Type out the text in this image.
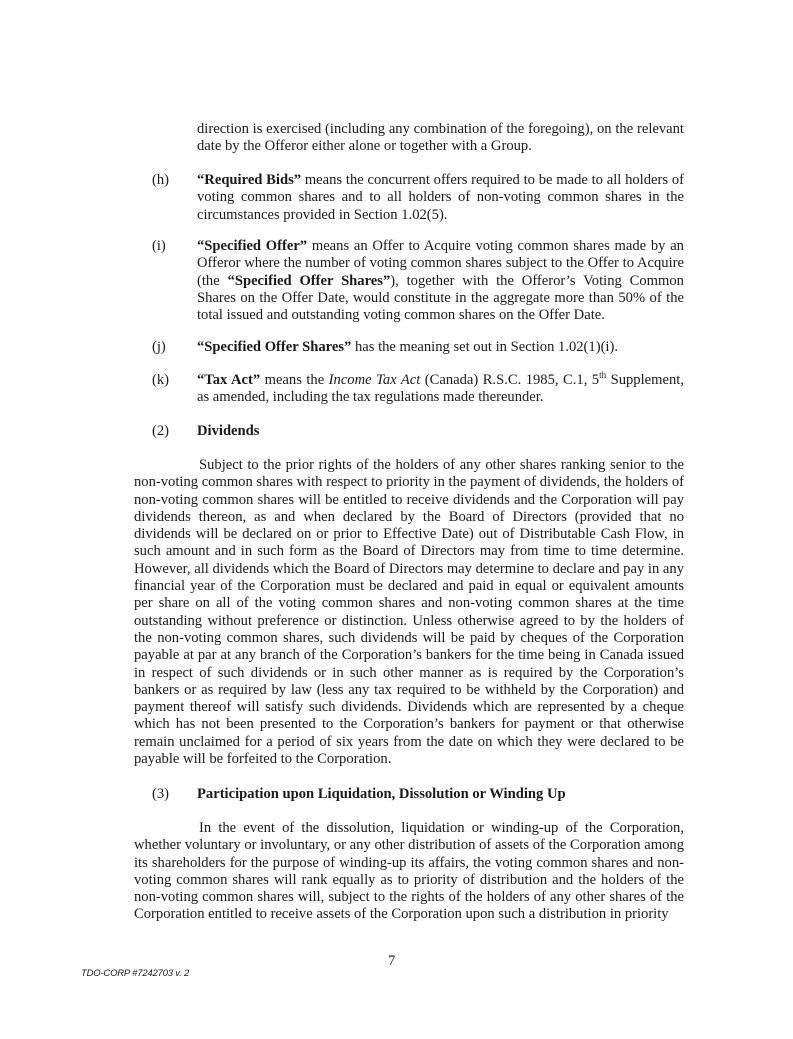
direction is exercised (including any combination of the foregoing), on the relevant date by the Offeror either alone or together with a Group.
(h) “Required Bids” means the concurrent offers required to be made to all holders of voting common shares and to all holders of non-voting common shares in the circumstances provided in Section 1.02(5).
(i) “Specified Offer” means an Offer to Acquire voting common shares made by an Offeror where the number of voting common shares subject to the Offer to Acquire (the “Specified Offer Shares”), together with the Offeror’s Voting Common Shares on the Offer Date, would constitute in the aggregate more than 50% of the total issued and outstanding voting common shares on the Offer Date.
(j) “Specified Offer Shares” has the meaning set out in Section 1.02(1)(i).
(k) “Tax Act” means the Income Tax Act (Canada) R.S.C. 1985, C.1, 5th Supplement, as amended, including the tax regulations made thereunder.
(2) Dividends
Subject to the prior rights of the holders of any other shares ranking senior to the non-voting common shares with respect to priority in the payment of dividends, the holders of non-voting common shares will be entitled to receive dividends and the Corporation will pay dividends thereon, as and when declared by the Board of Directors (provided that no dividends will be declared on or prior to Effective Date) out of Distributable Cash Flow, in such amount and in such form as the Board of Directors may from time to time determine. However, all dividends which the Board of Directors may determine to declare and pay in any financial year of the Corporation must be declared and paid in equal or equivalent amounts per share on all of the voting common shares and non-voting common shares at the time outstanding without preference or distinction. Unless otherwise agreed to by the holders of the non-voting common shares, such dividends will be paid by cheques of the Corporation payable at par at any branch of the Corporation’s bankers for the time being in Canada issued in respect of such dividends or in such other manner as is required by the Corporation’s bankers or as required by law (less any tax required to be withheld by the Corporation) and payment thereof will satisfy such dividends. Dividends which are represented by a cheque which has not been presented to the Corporation’s bankers for payment or that otherwise remain unclaimed for a period of six years from the date on which they were declared to be payable will be forfeited to the Corporation.
(3) Participation upon Liquidation, Dissolution or Winding Up
In the event of the dissolution, liquidation or winding-up of the Corporation, whether voluntary or involuntary, or any other distribution of assets of the Corporation among its shareholders for the purpose of winding-up its affairs, the voting common shares and non-voting common shares will rank equally as to priority of distribution and the holders of the non-voting common shares will, subject to the rights of the holders of any other shares of the Corporation entitled to receive assets of the Corporation upon such a distribution in priority
7
TDO-CORP #7242703 v. 2
